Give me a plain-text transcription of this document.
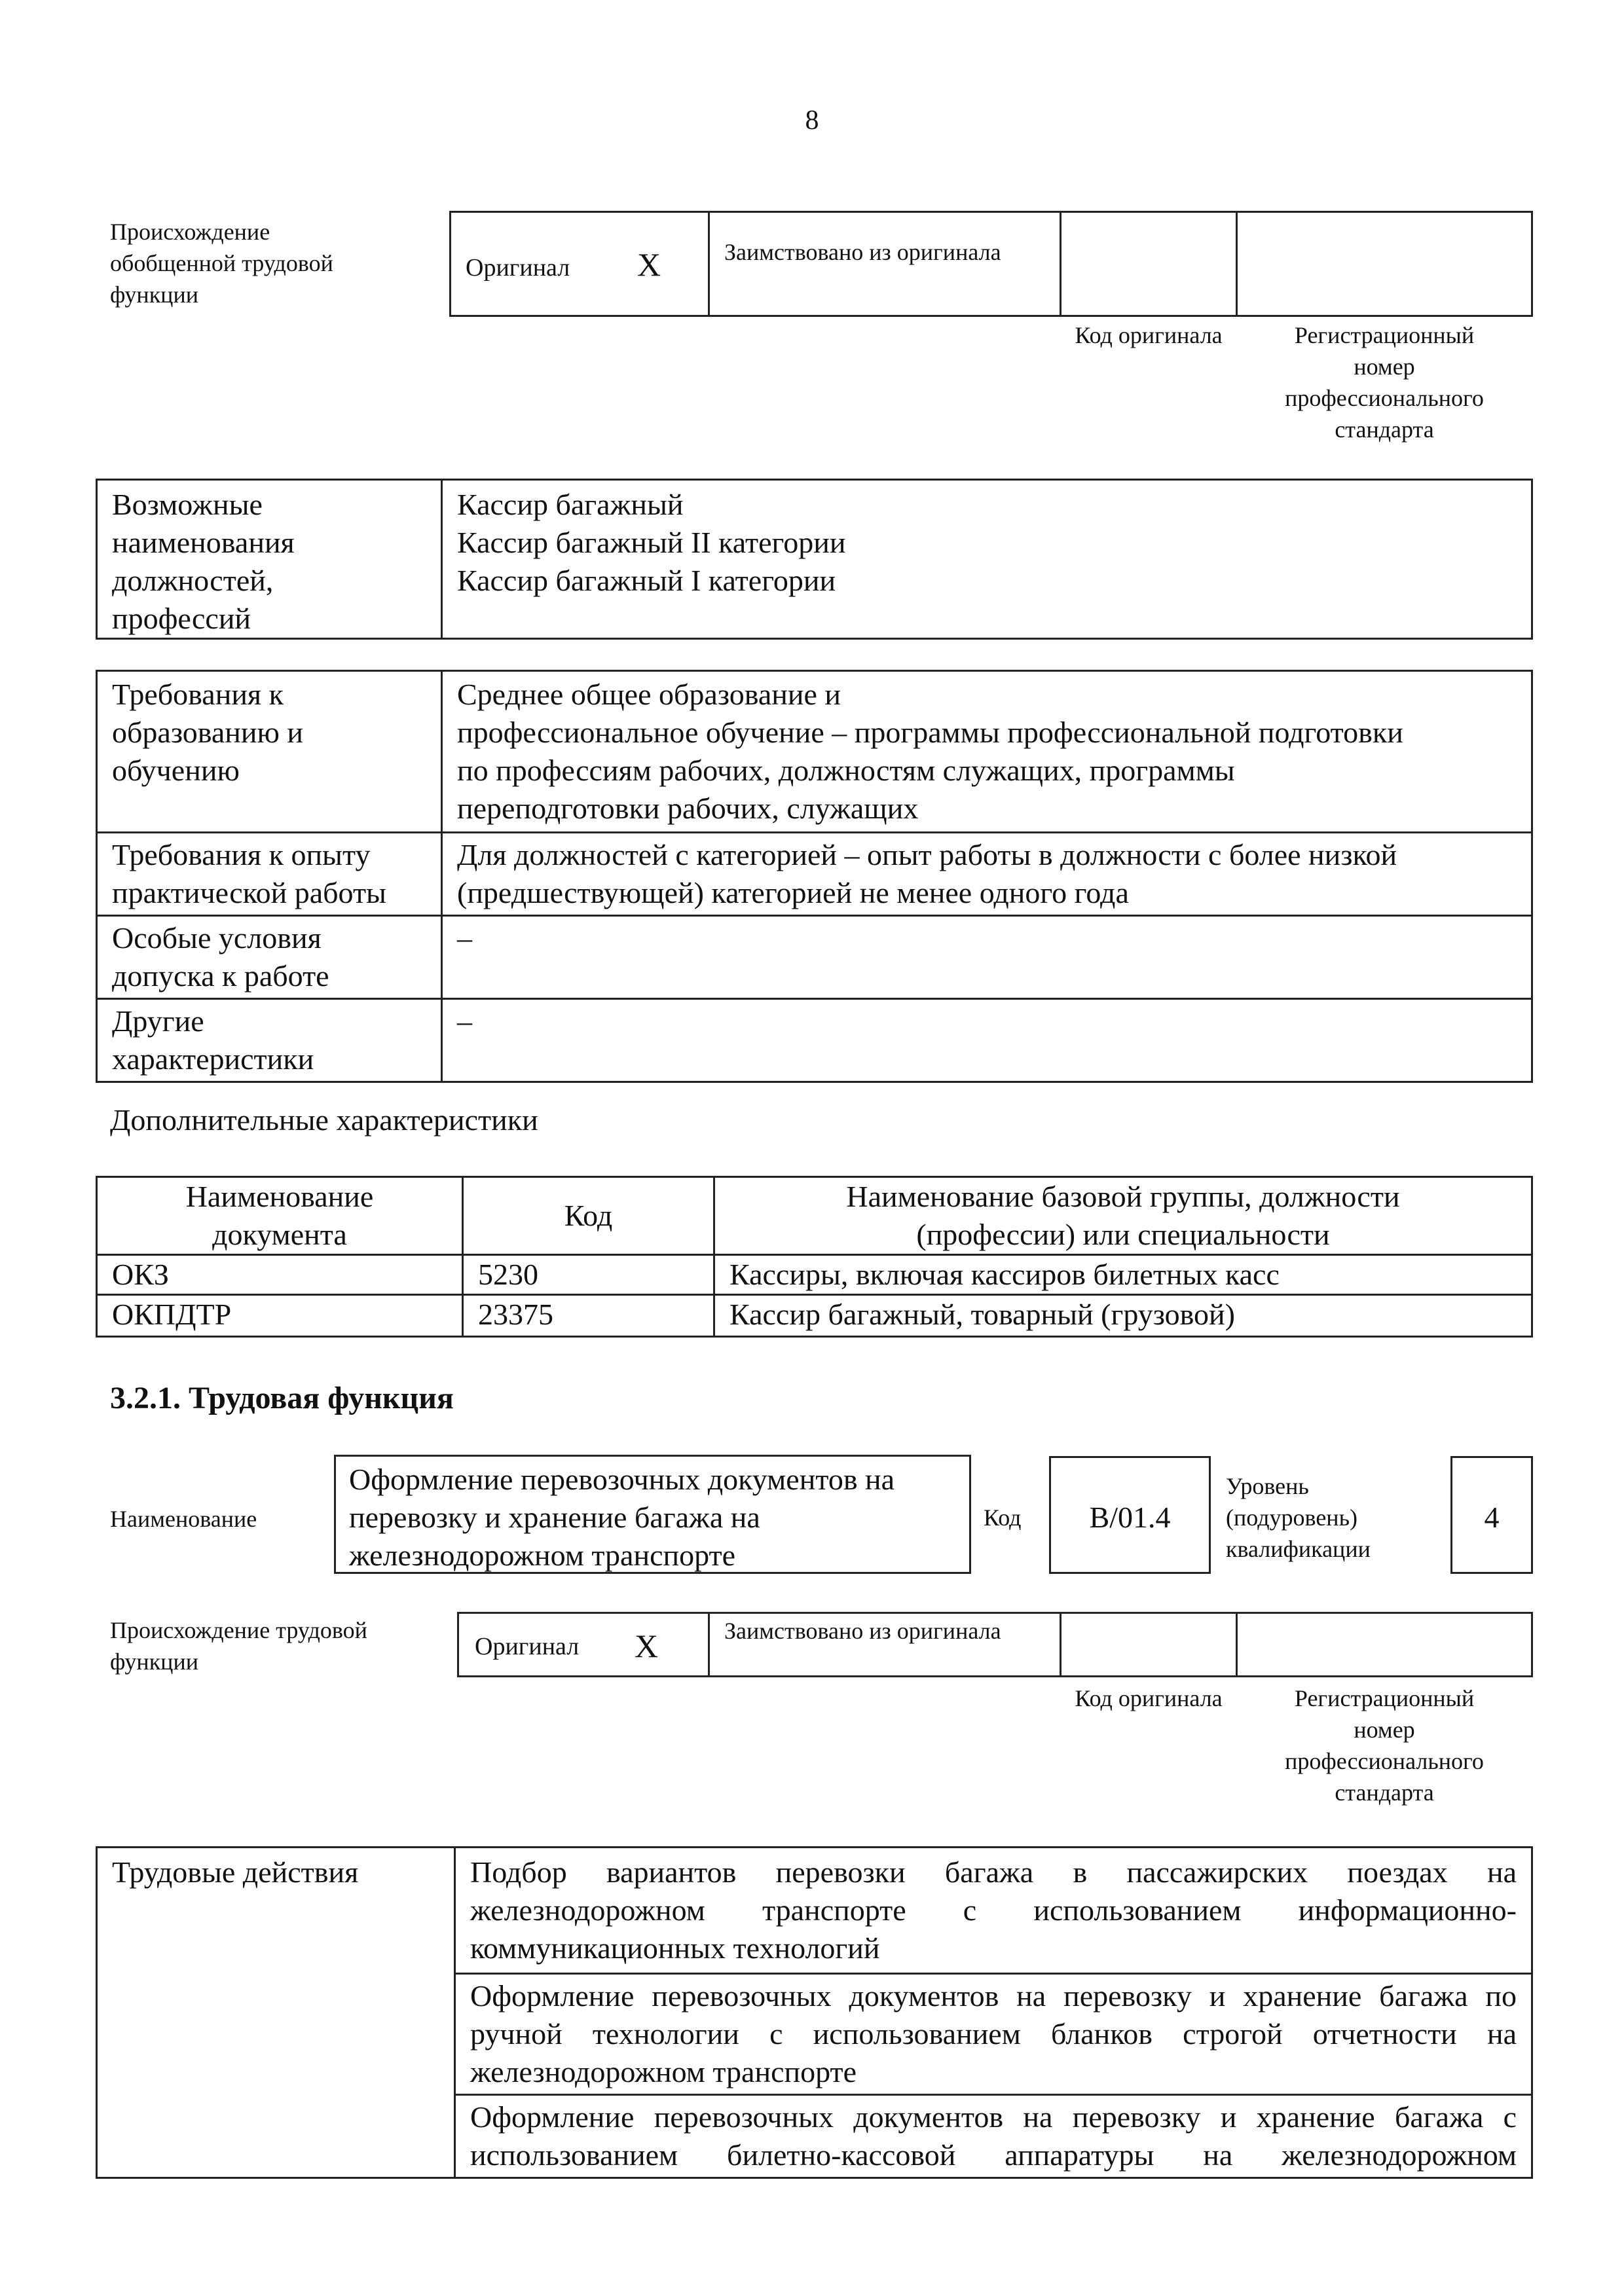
8
Происхождение обобщенной трудовой функции
Оригинал X	Заимствовано из оригинала
Код оригинала	Регистрационный номер профессионального стандарта
Возможные наименования должностей, профессий

Кассир багажный
Кассир багажный II категории
Кассир багажный I категории
Требования к образованию и обучению	Среднее общее образование и
профессиональное обучение – программы профессиональной подготовки
по профессиям рабочих, должностям служащих, программы
переподготовки рабочих, служащих

Требования к опыту практической работы	Для должностей с категорией – опыт работы в должности с более низкой
(предшествующей) категорией не менее одного года

Особые условия допуска к работе	–

Другие характеристики	–
Дополнительные характеристики
Наименование документа	Код	Наименование базовой группы, должности (профессии) или специальности

ОКЗ	5230	Кассиры, включая кассиров билетных касс

ОКПДТР	23375	Кассир багажный, товарный (грузовой)
3.2.1. Трудовая функция
Наименование
Оформление перевозочных документов на перевозку и хранение багажа на железнодорожном транспорте
Код	B/01.4
Уровень (подуровень) квалификации
4
Происхождение трудовой функции
Оригинал X	Заимствовано из оригинала
Код оригинала	Регистрационный номер профессионального стандарта
Трудовые действия	Подбор вариантов перевозки багажа в пассажирских поездах на железнодорожном транспорте с использованием информационно-коммуникационных технологий

Оформление перевозочных документов на перевозку и хранение багажа по ручной технологии с использованием бланков строгой отчетности на железнодорожном транспорте

Оформление перевозочных документов на перевозку и хранение багажа с использованием билетно-кассовой аппаратуры на железнодорожном
